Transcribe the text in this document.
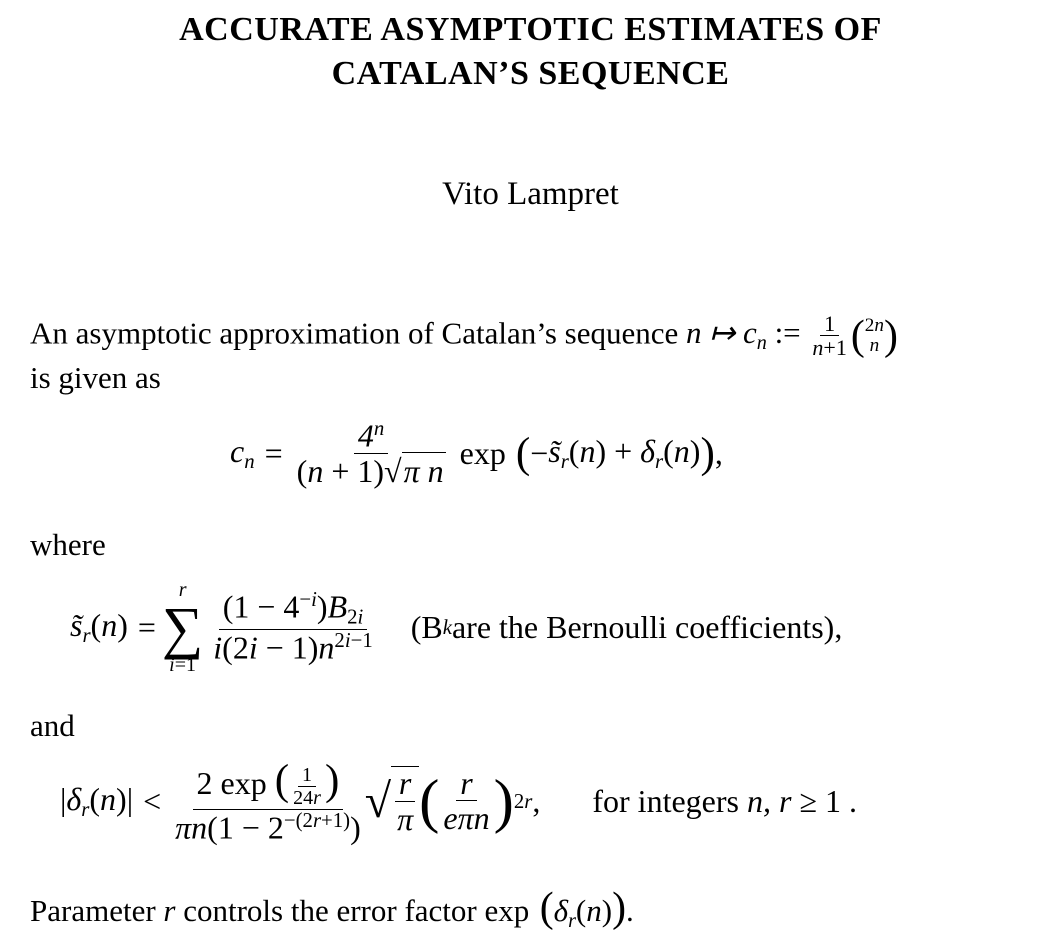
ACCURATE ASYMPTOTIC ESTIMATES OF
CATALAN’S SEQUENCE
Vito Lampret
An asymptotic approximation of Catalan’s sequence n ↦ $c_n$ := $\frac{1}{n+1}$ ( 2n
n )
is given as
$c_n = \frac{4^n}{\text{(n + 1)√π n}}$ exp ( − $s̃_r(n) + \delta_r(n)$ ) ,
where
$s̃_r(n)$ =
r
∑
$i=1 \frac{(1 - 4^{-i})B_{2i}}{i(2i - 1)n^{2i-1}} (B$ k are the Bernoulli coefficients),
and
$|\delta_r(n)| < \frac{2 \exp ( \frac{1}{24r} )}{\pi n(1 - 2^{-(2r+1)})}$ √ $\frac{r}{\pi}$ ( $\frac{r}{\text{eπn}}$ ) 2r , for integers n, r ≥ 1 .
Parameter r controls the error factor $\exp (\delta_r(n))$.
